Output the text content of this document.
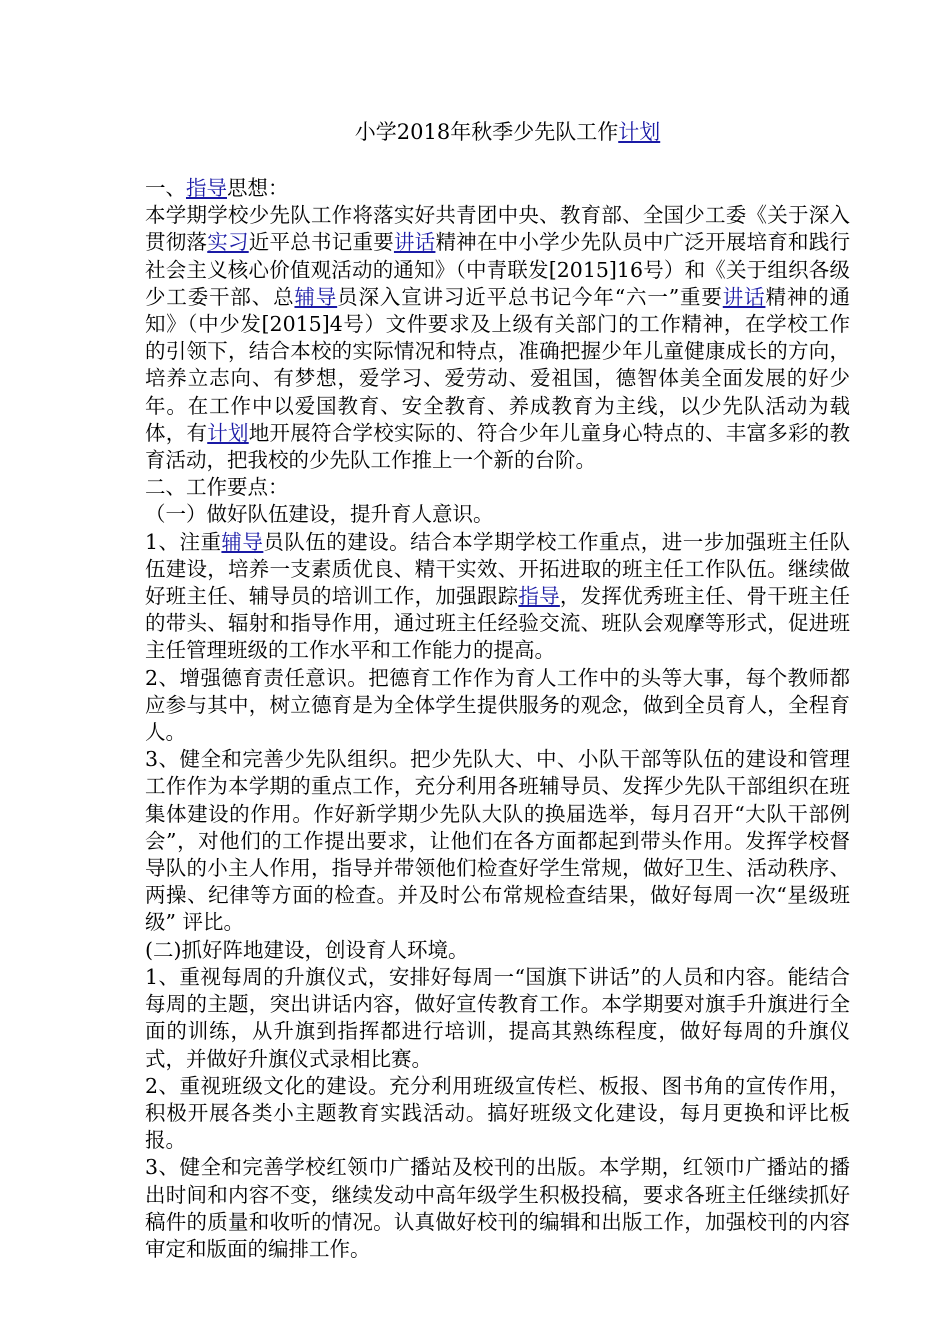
小学2018年秋季少先队工作计划

一、指导思想：

本学期学校少先队工作将落实好共青团中央、教育部、全国少工委《关于深入贯彻落实习近平总书记重要讲话精神在中小学少先队员中广泛开展培育和践行社会主义核心价值观活动的通知》（中青联发[2015]16号）和《关于组织各级少工委干部、总辅导员深入宣讲习近平总书记今年“六一”重要讲话精神的通知》（中少发[2015]4号）文件要求及上级有关部门的工作精神，在学校工作的引领下，结合本校的实际情况和特点，准确把握少年儿童健康成长的方向，培养立志向、有梦想，爱学习、爱劳动、爱祖国，德智体美全面发展的好少年。在工作中以爱国教育、安全教育、养成教育为主线，以少先队活动为载体，有计划地开展符合学校实际的、符合少年儿童身心特点的、丰富多彩的教育活动，把我校的少先队工作推上一个新的台阶。

二、工作要点：

（一）做好队伍建设，提升育人意识。

1、注重辅导员队伍的建设。结合本学期学校工作重点，进一步加强班主任队伍建设，培养一支素质优良、精干实效、开拓进取的班主任工作队伍。继续做好班主任、辅导员的培训工作，加强跟踪指导，发挥优秀班主任、骨干班主任的带头、辐射和指导作用，通过班主任经验交流、班队会观摩等形式，促进班主任管理班级的工作水平和工作能力的提高。

2、增强德育责任意识。把德育工作作为育人工作中的头等大事，每个教师都应参与其中，树立德育是为全体学生提供服务的观念，做到全员育人，全程育人。

3、健全和完善少先队组织。把少先队大、中、小队干部等队伍的建设和管理工作作为本学期的重点工作，充分利用各班辅导员、发挥少先队干部组织在班集体建设的作用。作好新学期少先队大队的换届选举，每月召开“大队干部例会”，对他们的工作提出要求，让他们在各方面都起到带头作用。发挥学校督导队的小主人作用，指导并带领他们检查好学生常规，做好卫生、活动秩序、两操、纪律等方面的检查。并及时公布常规检查结果，做好每周一次“星级班级” 评比。

(二)抓好阵地建设，创设育人环境。

1、重视每周的升旗仪式，安排好每周一“国旗下讲话”的人员和内容。能结合每周的主题，突出讲话内容，做好宣传教育工作。本学期要对旗手升旗进行全面的训练，从升旗到指挥都进行培训，提高其熟练程度，做好每周的升旗仪式，并做好升旗仪式录相比赛。

2、重视班级文化的建设。充分利用班级宣传栏、板报、图书角的宣传作用，积极开展各类小主题教育实践活动。搞好班级文化建设，每月更换和评比板报。

3、健全和完善学校红领巾广播站及校刊的出版。本学期，红领巾广播站的播出时间和内容不变，继续发动中高年级学生积极投稿，要求各班主任继续抓好稿件的质量和收听的情况。认真做好校刊的编辑和出版工作，加强校刊的内容审定和版面的编排工作。
